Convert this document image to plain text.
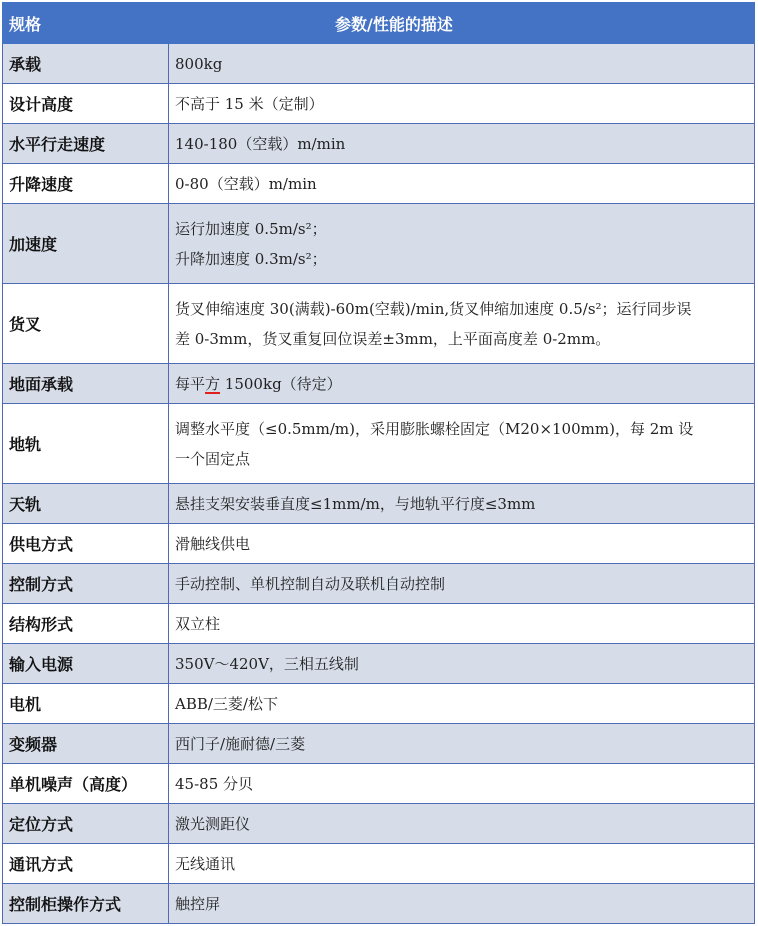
规格	参数/性能的描述
承载	800kg
设计高度	不高于 15 米（定制）
水平行走速度	140-180（空载）m/min
升降速度	0-80（空载）m/min
加速度	运行加速度 0.5m/s²；
升降加速度 0.3m/s²；

货叉	货叉伸缩速度 30(满载)-60m(空载)/min,货叉伸缩加速度 0.5/s²；运行同步误
差 0-3mm，货叉重复回位误差±3mm，上平面高度差 0-2mm。

地面承载	每平方 1500kg（待定）
地轨	调整水平度（≤0.5mm/m)，采用膨胀螺栓固定（M20×100mm)，每 2m 设
一个固定点

天轨	悬挂支架安装垂直度≤1mm/m，与地轨平行度≤3mm
供电方式	滑触线供电
控制方式	手动控制、单机控制自动及联机自动控制
结构形式	双立柱
输入电源	350V～420V，三相五线制
电机	ABB/三菱/松下
变频器	西门子/施耐德/三菱
单机噪声（高度）	45-85 分贝
定位方式	激光测距仪
通讯方式	无线通讯
控制柜操作方式	触控屏
